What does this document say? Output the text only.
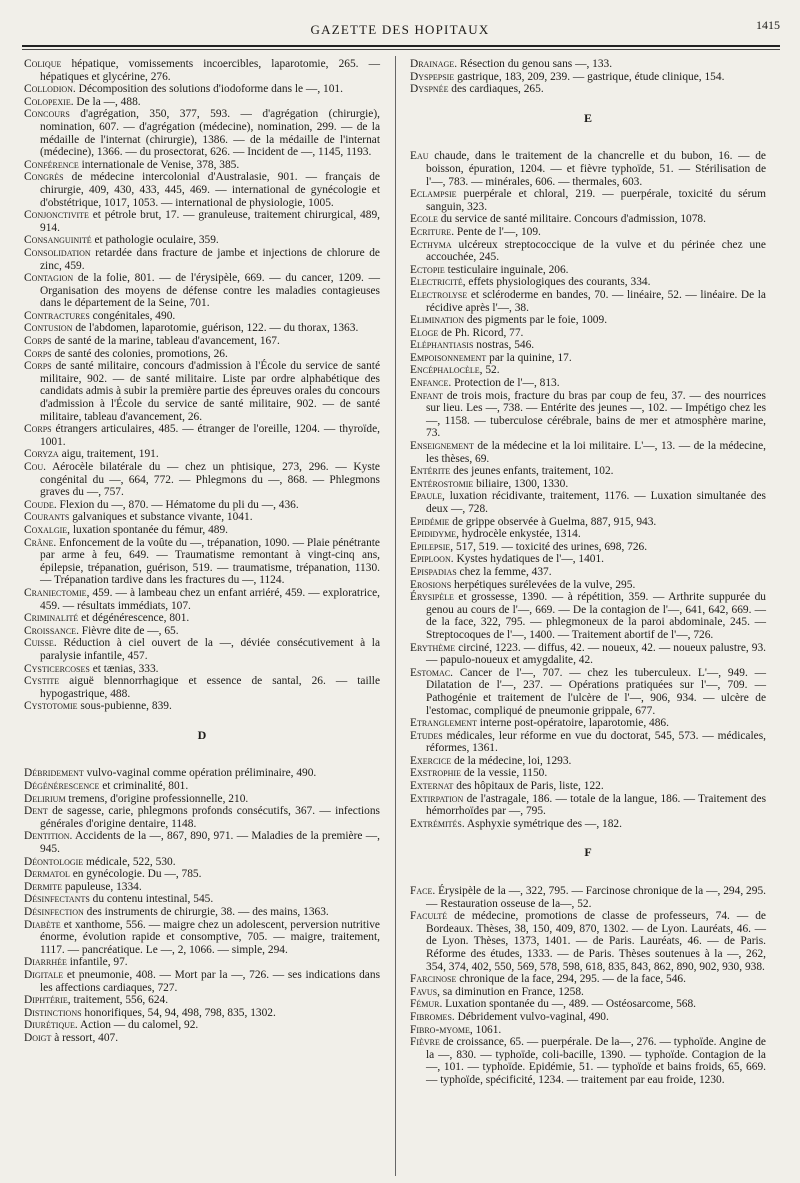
GAZETTE DES HOPITAUX	1415

Colique hépatique, vomissements incoercibles, laparotomie, 265. — hépatiques et glycérine, 276.

Collodion. Décomposition des solutions d'iodoforme dans le —, 101.

Colopexie. De la —, 488.

Concours d'agrégation, 350, 377, 593. — d'agrégation (chirurgie), nomination, 607. — d'agrégation (médecine), nomination, 299. — de la médaille de l'internat (chirurgie), 1386. — de la médaille de l'internat (médecine), 1366. — du prosectorat, 626. — Incident de —, 1145, 1193.

Conférence internationale de Venise, 378, 385.

Congrès de médecine intercolonial d'Australasie, 901. — français de chirurgie, 409, 430, 433, 445, 469. — international de gynécologie et d'obstétrique, 1017, 1053. — international de physiologie, 1005.

Conjonctivite et pétrole brut, 17. — granuleuse, traitement chirurgical, 489, 914.

Consanguinité et pathologie oculaire, 359.

Consolidation retardée dans fracture de jambe et injections de chlorure de zinc, 459.

Contagion de la folie, 801. — de l'érysipèle, 669. — du cancer, 1209. — Organisation des moyens de défense contre les maladies contagieuses dans le département de la Seine, 701.

Contractures congénitales, 490.

Contusion de l'abdomen, laparotomie, guérison, 122. — du thorax, 1363.

Corps de santé de la marine, tableau d'avancement, 167.

Corps de santé des colonies, promotions, 26.

Corps de santé militaire, concours d'admission à l'École du service de santé militaire, 902. — de santé militaire. Liste par ordre alphabétique des candidats admis à subir la première partie des épreuves orales du concours d'admission à l'École du service de santé militaire, 902. — de santé militaire, tableau d'avancement, 26.

Corps étrangers articulaires, 485. — étranger de l'oreille, 1204. — thyroïde, 1001.

Coryza aigu, traitement, 191.

Cou. Aérocèle bilatérale du — chez un phtisique, 273, 296. — Kyste congénital du —, 664, 772. — Phlegmons du —, 868. — Phlegmons graves du —, 757.

Coude. Flexion du —, 870. — Hématome du pli du —, 436.

Courants galvaniques et substance vivante, 1041.

Coxalgie, luxation spontanée du fémur, 489.

Crâne. Enfoncement de la voûte du —, trépanation, 1090. — Plaie pénétrante par arme à feu, 649. — Traumatisme remontant à vingt-cinq ans, épilepsie, trépanation, guérison, 519. — traumatisme, trépanation, 1130. — Trépanation tardive dans les fractures du —, 1124.

Craniectomie, 459. — à lambeau chez un enfant arriéré, 459. — exploratrice, 459. — résultats immédiats, 107.

Criminalité et dégénérescence, 801.

Croissance. Fièvre dite de —, 65.

Cuisse. Réduction à ciel ouvert de la —, déviée consécutivement à la paralysie infantile, 457.

Cysticercoses et tænias, 333.

Cystite aiguë blennorrhagique et essence de santal, 26. — taille hypogastrique, 488.

Cystotomie sous-pubienne, 839.

D

Débridement vulvo-vaginal comme opération préliminaire, 490.

Dégénérescence et criminalité, 801.

Delirium tremens, d'origine professionnelle, 210.

Dent de sagesse, carie, phlegmons profonds consécutifs, 367. — infections générales d'origine dentaire, 1148.

Dentition. Accidents de la —, 867, 890, 971. — Maladies de la première —, 945.

Déontologie médicale, 522, 530.

Dermatol en gynécologie. Du —, 785.

Dermite papuleuse, 1334.

Désinfectants du contenu intestinal, 545.

Désinfection des instruments de chirurgie, 38. — des mains, 1363.

Diabète et xanthome, 556. — maigre chez un adolescent, perversion nutritive énorme, évolution rapide et consomptive, 705. — maigre, traitement, 1117. — pancréatique. Le —, 2, 1066. — simple, 294.

Diarrhée infantile, 97.

Digitale et pneumonie, 408. — Mort par la —, 726. — ses indications dans les affections cardiaques, 727.

Diphtérie, traitement, 556, 624.

Distinctions honorifiques, 54, 94, 498, 798, 835, 1302.

Diurétique. Action — du calomel, 92.

Doigt à ressort, 407.

Drainage. Résection du genou sans —, 133.

Dyspepsie gastrique, 183, 209, 239. — gastrique, étude clinique, 154.

Dyspnée des cardiaques, 265.

E

Eau chaude, dans le traitement de la chancrelle et du bubon, 16. — de boisson, épuration, 1204. — et fièvre typhoïde, 51. — Stérilisation de l'—, 783. — minérales, 606. — thermales, 603.

Eclampsie puerpérale et chloral, 219. — puerpérale, toxicité du sérum sanguin, 323.

Ecole du service de santé militaire. Concours d'admission, 1078.

Ecriture. Pente de l'—, 109.

Ecthyma ulcéreux streptococcique de la vulve et du périnée chez une accouchée, 245.

Ectopie testiculaire inguinale, 206.

Electricité, effets physiologiques des courants, 334.

Electrolyse et scléroderme en bandes, 70. — linéaire, 52. — linéaire. De la récidive après l'—, 38.

Elimination des pigments par le foie, 1009.

Eloge de Ph. Ricord, 77.

Eléphantiasis nostras, 546.

Empoisonnement par la quinine, 17.

Encéphalocèle, 52.

Enfance. Protection de l'—, 813.

Enfant de trois mois, fracture du bras par coup de feu, 37. — des nourrices sur lieu. Les —, 738. — Entérite des jeunes —, 102. — Impétigo chez les —, 1158. — tuberculose cérébrale, bains de mer et atmosphère marine, 73.

Enseignement de la médecine et la loi militaire. L'—, 13. — de la médecine, les thèses, 69.

Entérite des jeunes enfants, traitement, 102.

Entérostomie biliaire, 1300, 1330.

Epaule, luxation récidivante, traitement, 1176. — Luxation simultanée des deux —, 728.

Epidémie de grippe observée à Guelma, 887, 915, 943.

Epididyme, hydrocèle enkystée, 1314.

Epilepsie, 517, 519. — toxicité des urines, 698, 726.

Epiploon. Kystes hydatiques de l'—, 1401.

Epispadias chez la femme, 437.

Erosions herpétiques surélevées de la vulve, 295.

Érysipèle et grossesse, 1390. — à répétition, 359. — Arthrite suppurée du genou au cours de l'—, 669. — De la contagion de l'—, 641, 642, 669. — de la face, 322, 795. — phlegmoneux de la paroi abdominale, 245. — Streptocoques de l'—, 1400. — Traitement abortif de l'—, 726.

Erythème circiné, 1223. — diffus, 42. — noueux, 42. — noueux palustre, 93. — papulo-noueux et amygdalite, 42.

Estomac. Cancer de l'—, 707. — chez les tuberculeux. L'—, 949. — Dilatation de l'—, 237. — Opérations pratiquées sur l'—, 709. — Pathogénie et traitement de l'ulcère de l'—, 906, 934. — ulcère de l'estomac, compliqué de pneumonie grippale, 677.

Etranglement interne post-opératoire, laparotomie, 486.

Etudes médicales, leur réforme en vue du doctorat, 545, 573. — médicales, réformes, 1361.

Exercice de la médecine, loi, 1293.

Exstrophie de la vessie, 1150.

Externat des hôpitaux de Paris, liste, 122.

Extirpation de l'astragale, 186. — totale de la langue, 186. — Traitement des hémorrhoïdes par —, 795.

Extrémités. Asphyxie symétrique des —, 182.

F

Face. Érysipèle de la —, 322, 795. — Farcinose chronique de la —, 294, 295. — Restauration osseuse de la—, 52.

Faculté de médecine, promotions de classe de professeurs, 74. — de Bordeaux. Thèses, 38, 150, 409, 870, 1302. — de Lyon. Lauréats, 46. — de Lyon. Thèses, 1373, 1401. — de Paris. Lauréats, 46. — de Paris. Réforme des études, 1333. — de Paris. Thèses soutenues à la —, 262, 354, 374, 402, 550, 569, 578, 598, 618, 835, 843, 862, 890, 902, 930, 938.

Farcinose chronique de la face, 294, 295. — de la face, 546.

Favus, sa diminution en France, 1258.

Fémur. Luxation spontanée du —, 489. — Ostéosarcome, 568.

Fibromes. Débridement vulvo-vaginal, 490.

Fibro-myome, 1061.

Fièvre de croissance, 65. — puerpérale. De la—, 276. — typhoïde. Angine de la —, 830. — typhoïde, coli-bacille, 1390. — typhoïde. Contagion de la —, 101. — typhoïde. Epidémie, 51. — typhoïde et bains froids, 65, 669. — typhoïde, spécificité, 1234. — traitement par eau froide, 1230.
